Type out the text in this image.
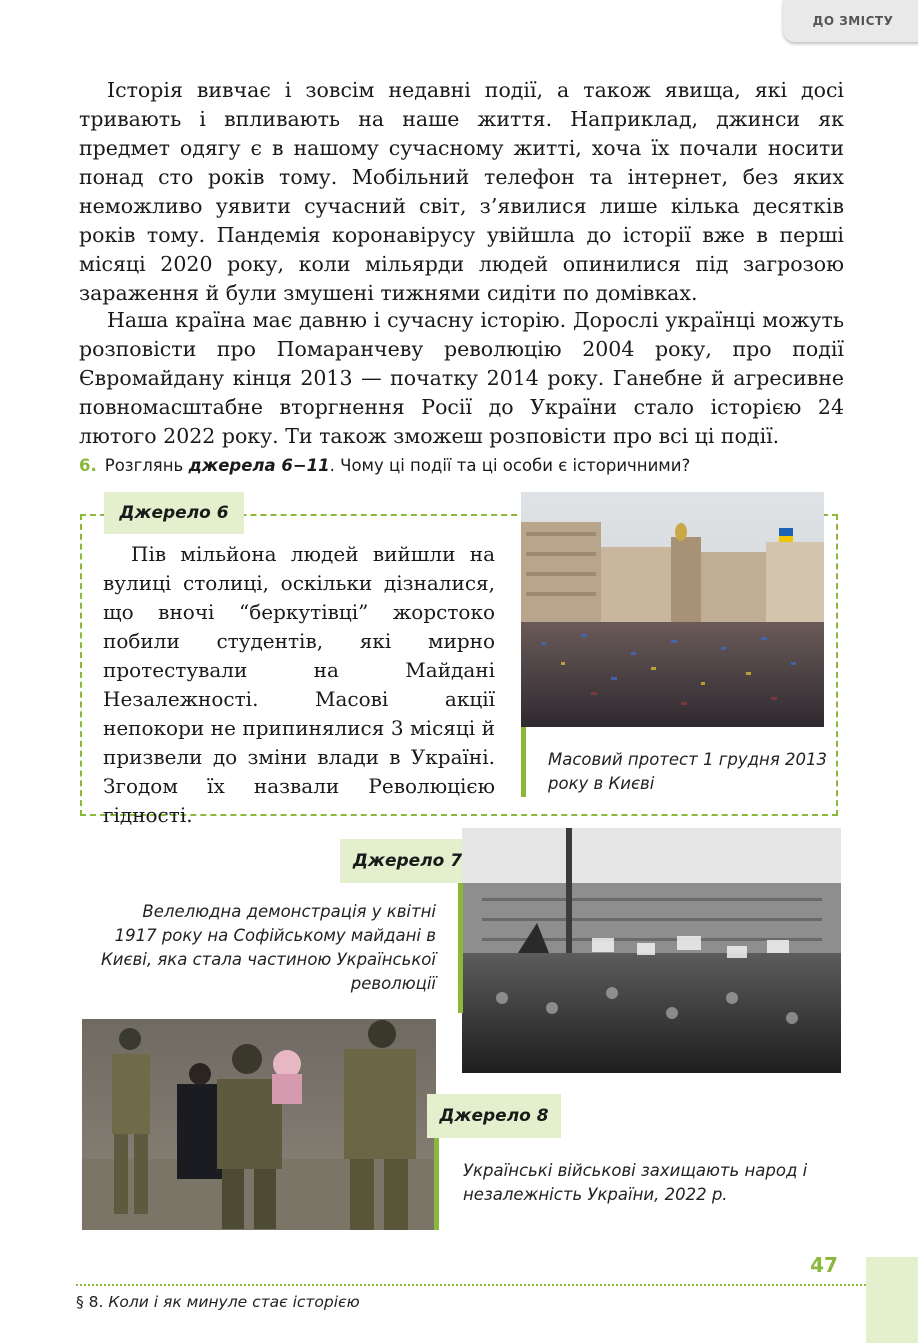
ДО ЗМІСТУ

Історія вивчає і зовсім недавні події, а також явища, які досі тривають і впливають на наше життя. Наприклад, джинси як предмет одягу є в нашому сучасному житті, хоча їх почали носити понад сто років тому. Мобільний телефон та інтернет, без яких неможливо уявити сучасний світ, з’явилися лише кілька десятків років тому. Пандемія коронавірусу увійшла до історії вже в перші місяці 2020 року, коли мільярди людей опинилися під загрозою зараження й були змушені тижнями сидіти по домівках.

Наша країна має давню і сучасну історію. Дорослі українці можуть розповісти про Помаранчеву революцію 2004 року, про події Євромайдану кінця 2013 — початку 2014 року. Ганебне й агресивне повномасштабне вторгнення Росії до України стало історією 24 лютого 2022 року. Ти також зможеш розповісти про всі ці події.

6. Розглянь джерела 6−11. Чому ці події та ці особи є історичними?
Джерело 6

Пів мільйона людей вийшли на вулиці столиці, оскільки дізналися, що вночі “беркутівці” жорстоко побили студентів, які мирно протестували на Майдані Незалежності. Масові акції непокори не припинялися 3 місяці й призвели до зміни влади в Україні. Згодом їх назвали Революцією гідності.

Масовий протест 1 грудня 2013 року в Києві

Джерело 7

Велелюдна демонстрація у квітні 1917 року на Софійському майдані в Києві, яка стала частиною Української революції

Джерело 8

Українські військові захищають народ і незалежність України, 2022 р.

47
§ 8. Коли і як минуле стає історією
